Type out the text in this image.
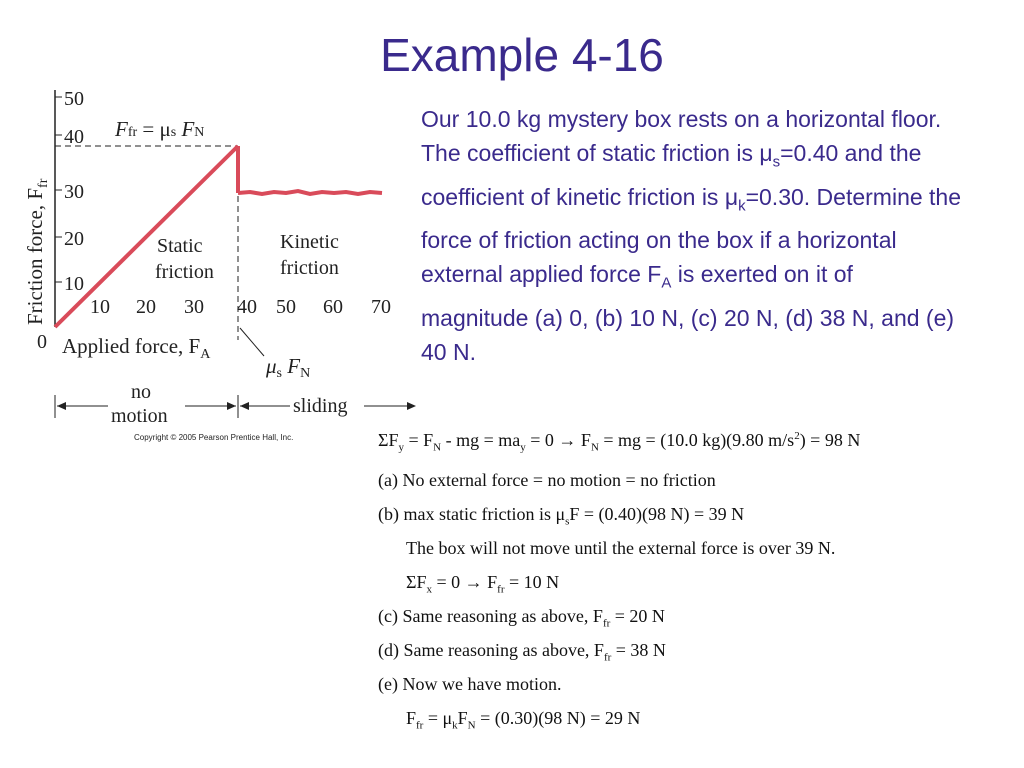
Example 4-16
Our 10.0 kg mystery box rests on a horizontal floor. The coefficient of static friction is $\mu_s=0.40$ and the coefficient of kinetic friction is $\mu_k=0.30$. Determine the force of friction acting on the box if a horizontal external applied force $F_A$ is exerted on it of magnitude (a) 0, (b) 10 N, (c) 20 N, (d) 38 N, and (e) 40 N.
10
20
30
40
50
10 20 30 40 50 60 70
0
Friction force, $F_{fr}$
Ffr = μs FN
Static
friction
Kinetic
friction
Applied force, $F_A$	μs FN
no
motion	sliding
Copyright © 2005 Pearson Prentice Hall, Inc.	$\Sigma F_y = F_N$ - mg = $ma_y = 0 \to F_N$ = mg = (10.0 kg)(9.80 $m/s^2) = 98$ N
(a) No external force = no motion = no friction
(b) max static friction is $\mu_sF = (0.40)(98$ N) = 39 N
The box will not move until the external force is over 39 N.
$\Sigma F_x = 0 \to F_{fr} = 10$ N
(c) Same reasoning as above, $F_{fr} = 20$ N
(d) Same reasoning as above, $F_{fr} = 38$ N
(e) Now we have motion.
$F_{fr} = \mu_kF_N = (0.30)(98$ N) = 29 N
